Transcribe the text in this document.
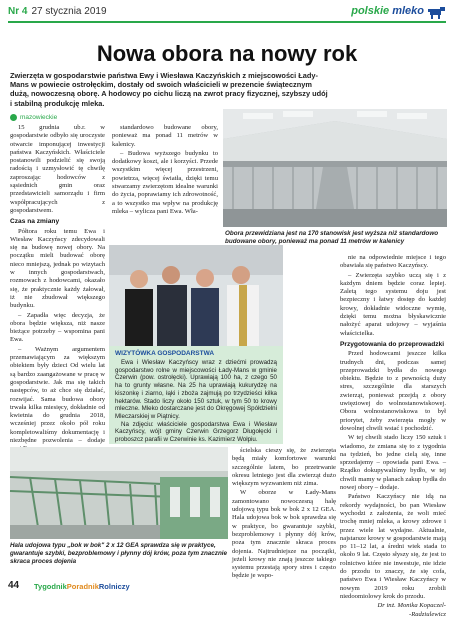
Nr 4 27 stycznia 2019	polskie mleko
Nowa obora na nowy rok
Zwierzęta w gospodarstwie państwa Ewy i Wiesława Kaczyńskich z miejscowości Łady-Mans w powiecie ostrołęckim, dostały od swoich właścicieli w prezencie świątecznym dużą, nowoczesną oborę. A hodowcy po cichu liczą na zwrot pracy fizycznej, szybszy udój i stabilną produkcję mleka.
mazowieckie
Obora przewidziana jest na 170 stanowisk jest wyższa niż standardowo budowane obory, ponieważ ma ponad 11 metrów w kalenicy
WIZYTÓWKA GOSPODARSTWA

Ewa i Wiesław Kaczyńscy wraz z dziećmi prowadzą gospodarstwo rolne w miejscowości Łady-Mans w gminie Czerwin (pow. ostrołęcki). Uprawiają 100 ha, z czego 50 ha to grunty własne. Na 25 ha uprawiają kukurydzę na kiszonkę i ziarno, łąki i zboża zajmują po trzydzieści kilka hektarów. Stado liczy około 150 sztuk, w tym 50 to krowy mleczne. Mleko dostarczane jest do Okręgowej Spółdzielni Mleczarskiej w Piątnicy.

Na zdjęciu: właściciele gospodarstwa Ewa i Wiesław Kaczyńscy, wójt gminy Czerwin Grzegorz Długołęcki i proboszcz parafii w Czerwinie ks. Kazimierz Wołpiu.

15 grudnia ub.r. w gospodarstwie odbyło się uroczyste otwarcie imponującej inwestycji państwa Kaczyńskich. Właściciele postanowili podzielić się swoją radością i uzmysłowić tę chwilę zaproszając hodowców z sąsiednich gmin oraz przedstawicieli samorządu i firm współpracujących z gospodarstwem.

Czas na zmiany

Półtora roku temu Ewa i Wiesław Kaczyńscy zdecydowali się na budowę nowej obory. Na początku mieli budować oborę nieco mniejszą, jednak po wizytach w innych gospodarstwach, rozmowach z hodowcami, okazało się, że praktycznie każdy żałował, iż nie zbudował większego budynku.

– Zapadła więc decyzja, że obora będzie większa, niż nasze bieżące potrzeby – wspomina pani Ewa.

– Ważnym argumentem przemawiającym za większym obiektem były dzieci Od wielu lat są bardzo zaangażowane w pracę w gospodarstwie. Jak ma się takich następców, to aż chce się działać, rozwijać. Sama budowa obory trwała kilka miesięcy, dokładnie od kwietnia do grudnia 2018, wcześniej przez około pół roku kompletowaliśmy dokumentację i niezbędne pozwolenia – dodaje

standardowo budowane obory, ponieważ ma ponad 11 metrów w kalenicy.

– Budowa wyższego budynku to dodatkowy koszt, ale i korzyści. Przede wszystkim więcej przestrzeni, powietrza, więcej światła, dzięki temu stwarzamy zwierzętom idealne warunki do życia, poprawiamy ich zdrowotność, a to wszystko ma wpływ na produkcję mleka – wylicza pani Ewa. Wła-

ścielska cieszy się, że zwierzęta będą miały komfortowe warunki szczególnie latem, bo przetrwanie okresu letniego jest dla zwierząt dużo większym wyzwaniem niż zima.

W oborze w Łady-Mans zamontowano nowoczesną halę udojową typu bok w bok 2 x 12 GEA. Hala udojowa bok w bok sprawdza się w praktyce, bo gwarantuje szybki, bezproblemowy i płynny dój krów, poza tym znacznie skraca proces dojenia. Najtrudniejsze na początki, jeżeli krowy nie znają jeszcze takiego systemu przestają spory stres i często będzie je wspo-

nie na odpowiednie miejsce i tego obawiała się państwo Kaczyńscy.

– Zwierzęta szybko uczą się i z każdym dniem będzie coraz lepiej. Zaletą tego systemu doju jest bezpieczny i łatwy dostęp do każdej krowy, dokładnie widoczne wymię, dzięki temu można błyskawicznie nałożyć aparat udojowy – wyjaśnia właścicielka.

Przygotowania do przeprowadzki

Przed hodowcami jeszcze kilka trudnych dni, podczas samej przeprowadzki bydła do nowego obiektu. Będzie to z pewnością duży stres, szczególnie dla starszych zwierząt, ponieważ przejdą z obory uwięziowej do wolnostanowiskowej. Obora wolnostanowiskowa to był priorytet, żeby zwierzęta mogły w dowolnej chwili wstać i pochodzić.

W tej chwili stado liczy 150 sztuk i wiadomo, że zmiana się to z tygodnia na tydzień, bo jedne cielą się, inne sprzedajemy – opowiada pani Ewa. – Rządko dokupywaliśmy bydło, w tej chwili mamy w planach zakup bydła do nowej obory – dodaje.

Państwo Kaczyńscy nie idą na rekordy wydajności, bo pan Wiesław wychodzi z założenia, że woli mieć trochę mniej mleka, a krowy zdrowe i przez wiele lat wydajne. Aktualnie, najstarsze krowy w gospodarstwie mają po 11–12 lat, a średni wiek stada to około 9 lat. Często słyszy się, że jest to rolnictwo które nie inwestuje, nie idzie do przodu to znaczy, że się cofa, państwo Ewa i Wiesław Kaczyńscy w nowym 2019 roku zrobili niedoomiolowy krok do przodu.

Dr inż. Monika Kopaczel-

-Radziulewicz

Hala udojowa typu „bok w bok" 2 x 12 GEA sprawdza się w praktyce, gwarantuje szybki, bezproblemowy i płynny dój krów, poza tym znacznie skraca proces dojenia
44 TygodnikPoradnikRolniczy
